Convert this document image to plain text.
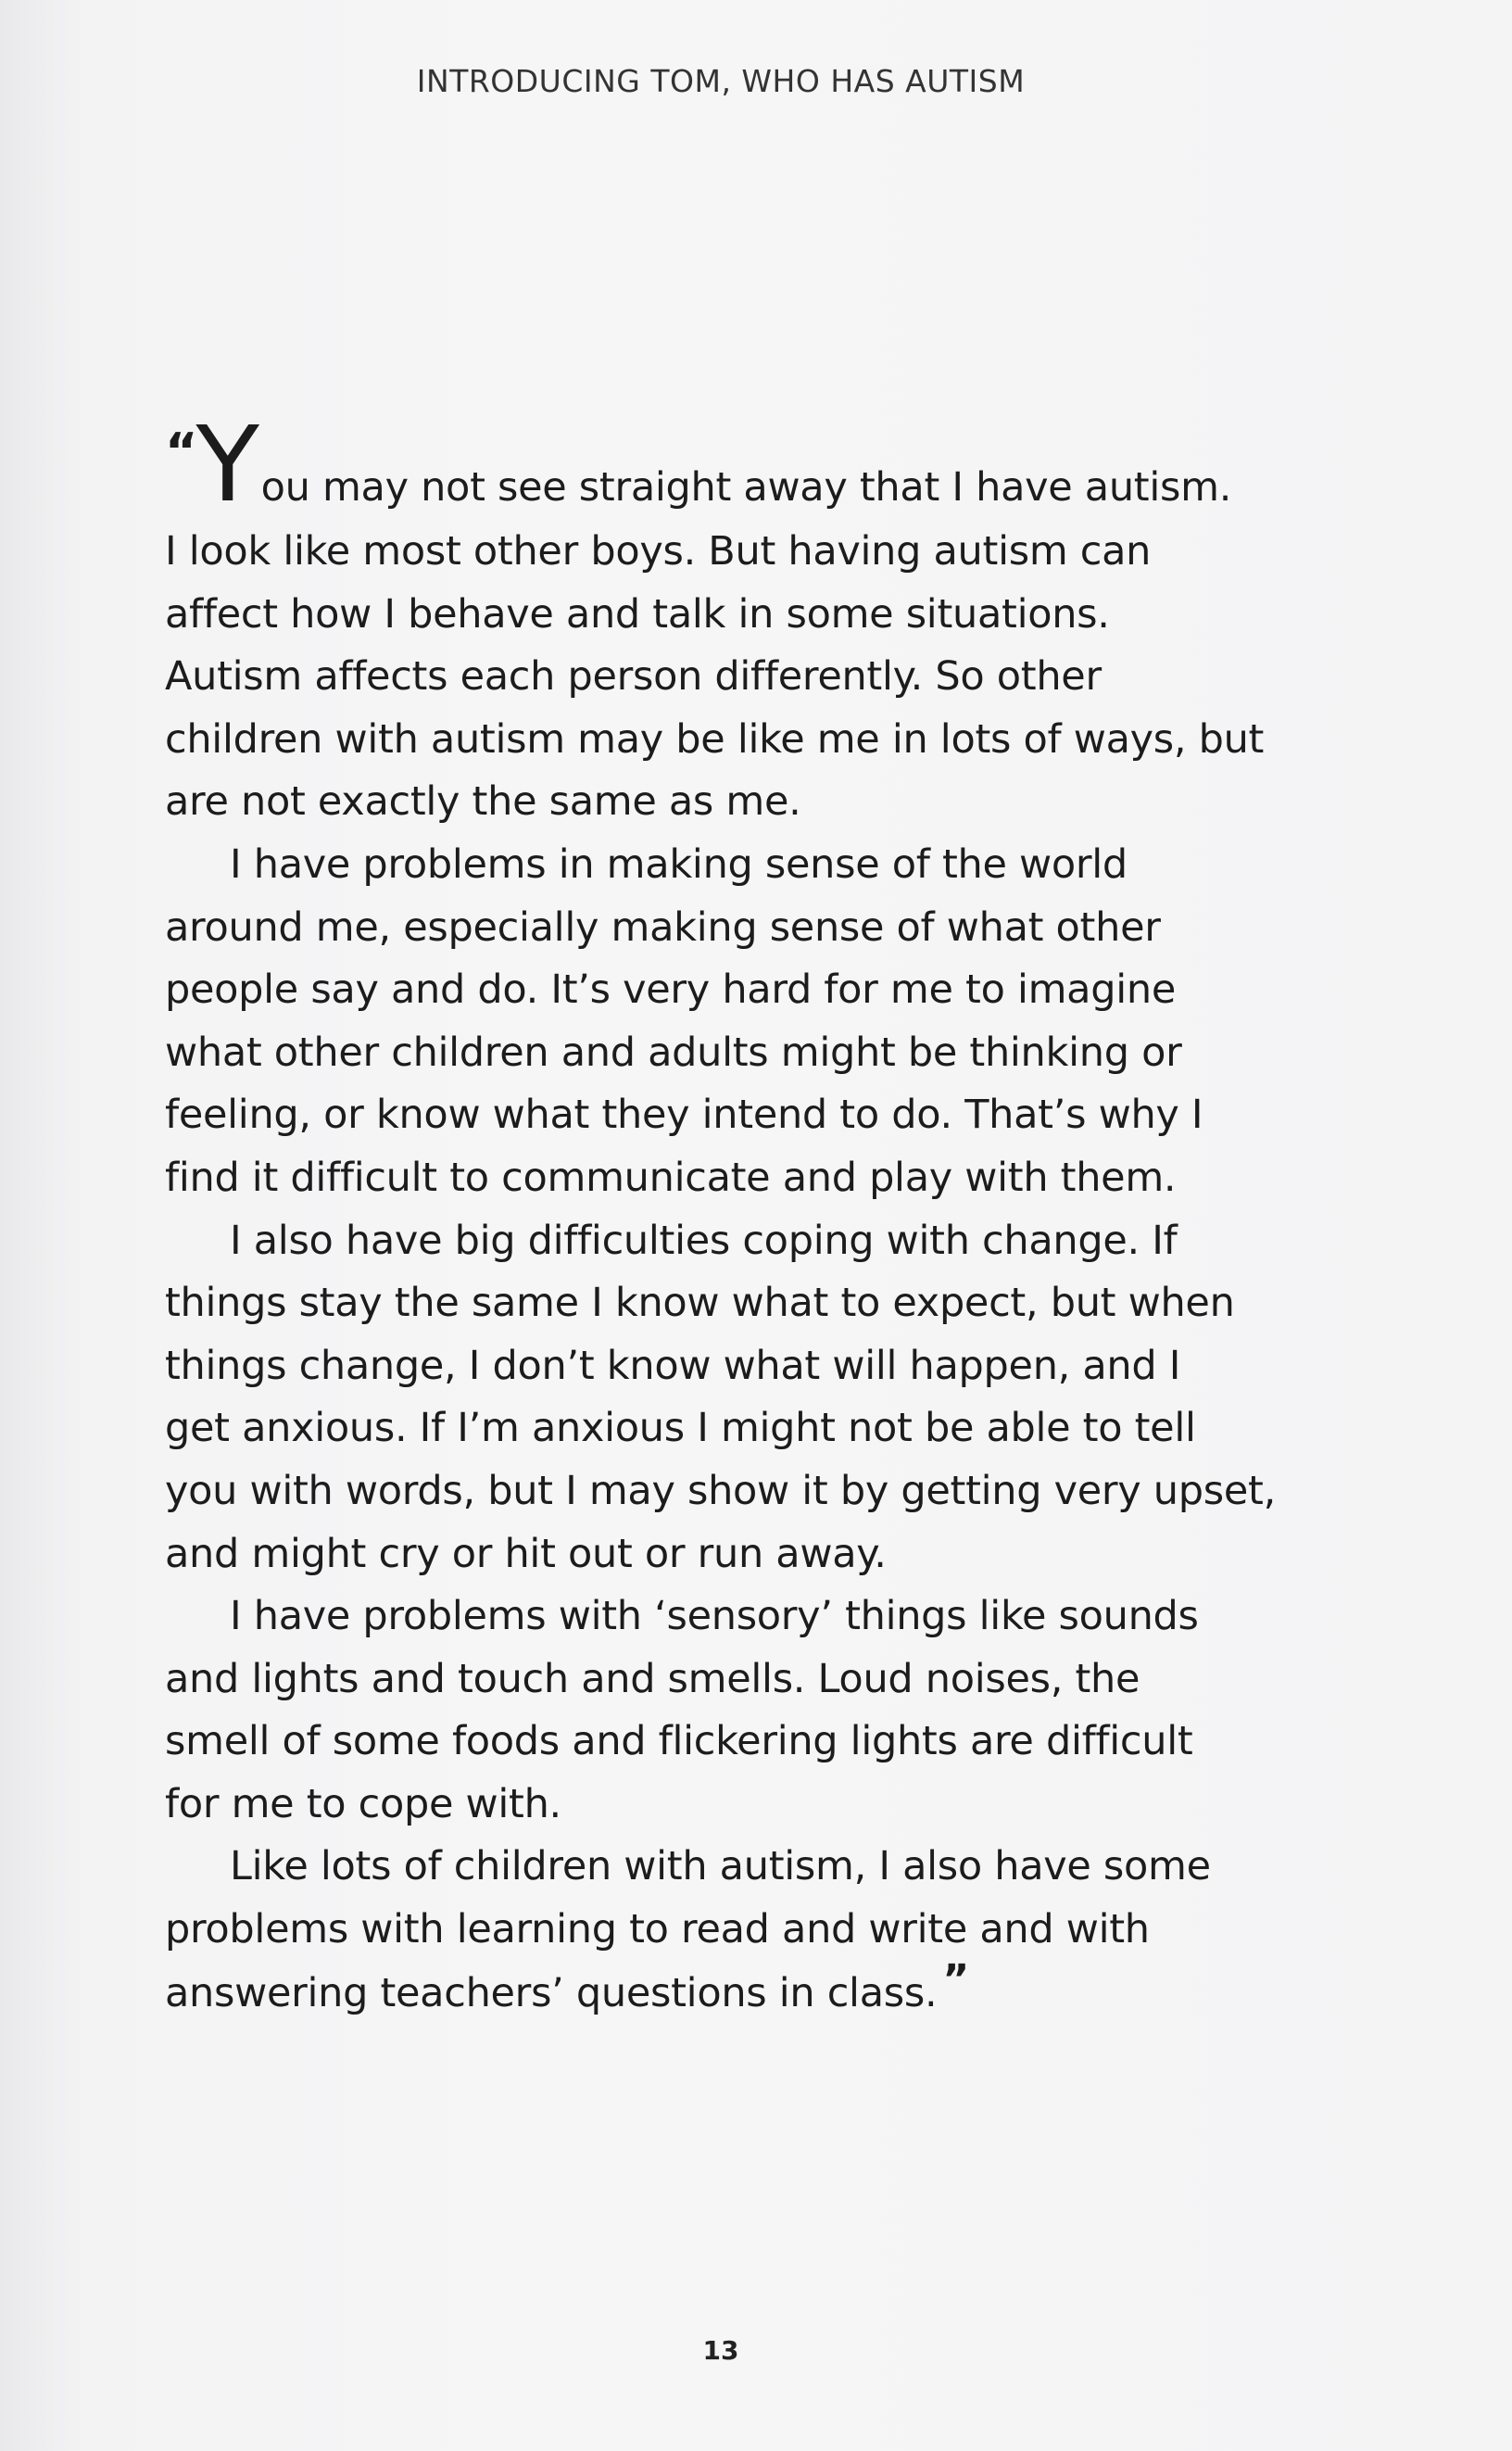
INTRODUCING TOM, WHO HAS AUTISM
“You may not see straight away that I have autism.
I look like most other boys. But having autism can
affect how I behave and talk in some situations.
Autism affects each person differently. So other
children with autism may be like me in lots of ways, but
are not exactly the same as me.
I have problems in making sense of the world
around me, especially making sense of what other
people say and do. It’s very hard for me to imagine
what other children and adults might be thinking or
feeling, or know what they intend to do. That’s why I
find it difficult to communicate and play with them.
I also have big difficulties coping with change. If
things stay the same I know what to expect, but when
things change, I don’t know what will happen, and I
get anxious. If I’m anxious I might not be able to tell
you with words, but I may show it by getting very upset,
and might cry or hit out or run away.
I have problems with ‘sensory’ things like sounds
and lights and touch and smells. Loud noises, the
smell of some foods and flickering lights are difficult
for me to cope with.
Like lots of children with autism, I also have some
problems with learning to read and write and with
answering teachers’ questions in class. ”
13
